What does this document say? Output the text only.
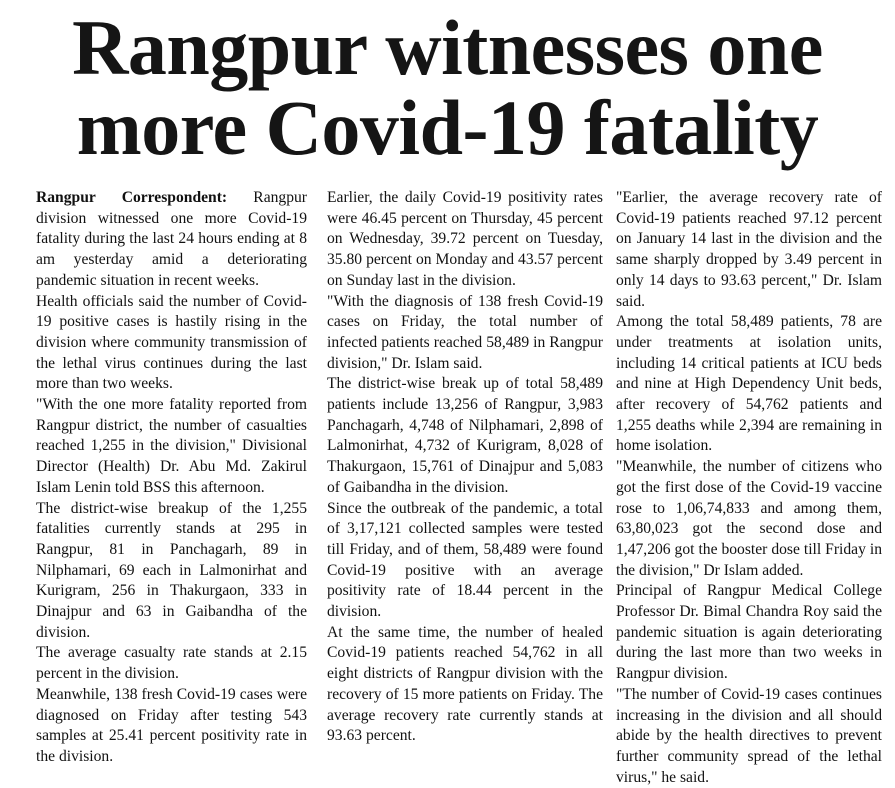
Rangpur witnesses one
more Covid-19 fatality

Rangpur Correspondent: Rangpur division witnessed one more Covid-19 fatality during the last 24 hours ending at 8 am yesterday amid a deteriorating pandemic situation in recent weeks.

Health officials said the number of Covid-19 positive cases is hastily rising in the division where community transmission of the lethal virus continues during the last more than two weeks.

"With the one more fatality reported from Rangpur district, the number of casualties reached 1,255 in the division," Divisional Director (Health) Dr. Abu Md. Zakirul Islam Lenin told BSS this afternoon.

The district-wise breakup of the 1,255 fatalities currently stands at 295 in Rangpur, 81 in Panchagarh, 89 in Nilphamari, 69 each in Lalmonirhat and Kurigram, 256 in Thakurgaon, 333 in Dinajpur and 63 in Gaibandha of the division.

The average casualty rate stands at 2.15 percent in the division.

Meanwhile, 138 fresh Covid-19 cases were diagnosed on Friday after testing 543 samples at 25.41 percent positivity rate in the division.

Earlier, the daily Covid-19 positivity rates were 46.45 percent on Thursday, 45 percent on Wednesday, 39.72 percent on Tuesday, 35.80 percent on Monday and 43.57 percent on Sunday last in the division.

"With the diagnosis of 138 fresh Covid-19 cases on Friday, the total number of infected patients reached 58,489 in Rangpur division," Dr. Islam said.

The district-wise break up of total 58,489 patients include 13,256 of Rangpur, 3,983 Panchagarh, 4,748 of Nilphamari, 2,898 of Lalmonirhat, 4,732 of Kurigram, 8,028 of Thakurgaon, 15,761 of Dinajpur and 5,083 of Gaibandha in the division.

Since the outbreak of the pandemic, a total of 3,17,121 collected samples were tested till Friday, and of them, 58,489 were found Covid-19 positive with an average positivity rate of 18.44 percent in the division.

At the same time, the number of healed Covid-19 patients reached 54,762 in all eight districts of Rangpur division with the recovery of 15 more patients on Friday. The average recovery rate currently stands at 93.63 percent.

"Earlier, the average recovery rate of Covid-19 patients reached 97.12 percent on January 14 last in the division and the same sharply dropped by 3.49 percent in only 14 days to 93.63 percent," Dr. Islam said.

Among the total 58,489 patients, 78 are under treatments at isolation units, including 14 critical patients at ICU beds and nine at High Dependency Unit beds, after recovery of 54,762 patients and 1,255 deaths while 2,394 are remaining in home isolation.

"Meanwhile, the number of citizens who got the first dose of the Covid-19 vaccine rose to 1,06,74,833 and among them, 63,80,023 got the second dose and 1,47,206 got the booster dose till Friday in the division," Dr Islam added.

Principal of Rangpur Medical College Professor Dr. Bimal Chandra Roy said the pandemic situation is again deteriorating during the last more than two weeks in Rangpur division.

"The number of Covid-19 cases continues increasing in the division and all should abide by the health directives to prevent further community spread of the lethal virus," he said.
